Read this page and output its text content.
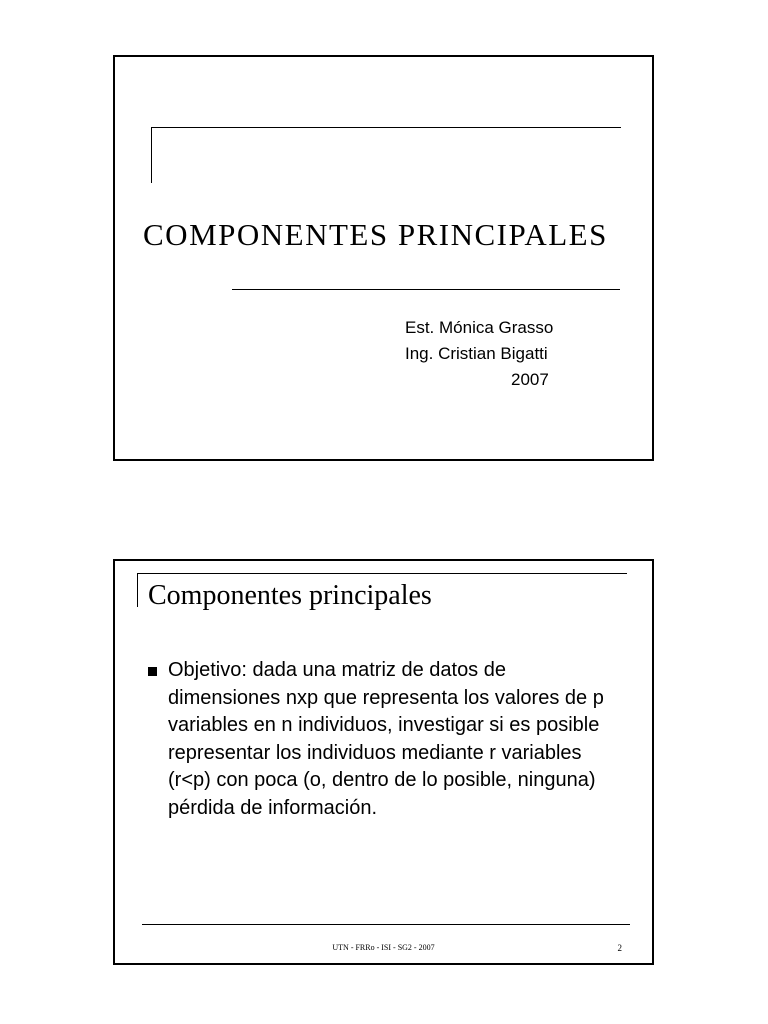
COMPONENTES PRINCIPALES
Est. Mónica Grasso
Ing. Cristian Bigatti
2007
Componentes principales
Objetivo: dada una matriz de datos de dimensiones nxp que representa los valores de p variables en n individuos, investigar si es posible representar los individuos mediante r variables (r<p) con poca (o, dentro de lo posible, ninguna) pérdida de información.
UTN - FRRo - ISI - SG2 - 2007	2
